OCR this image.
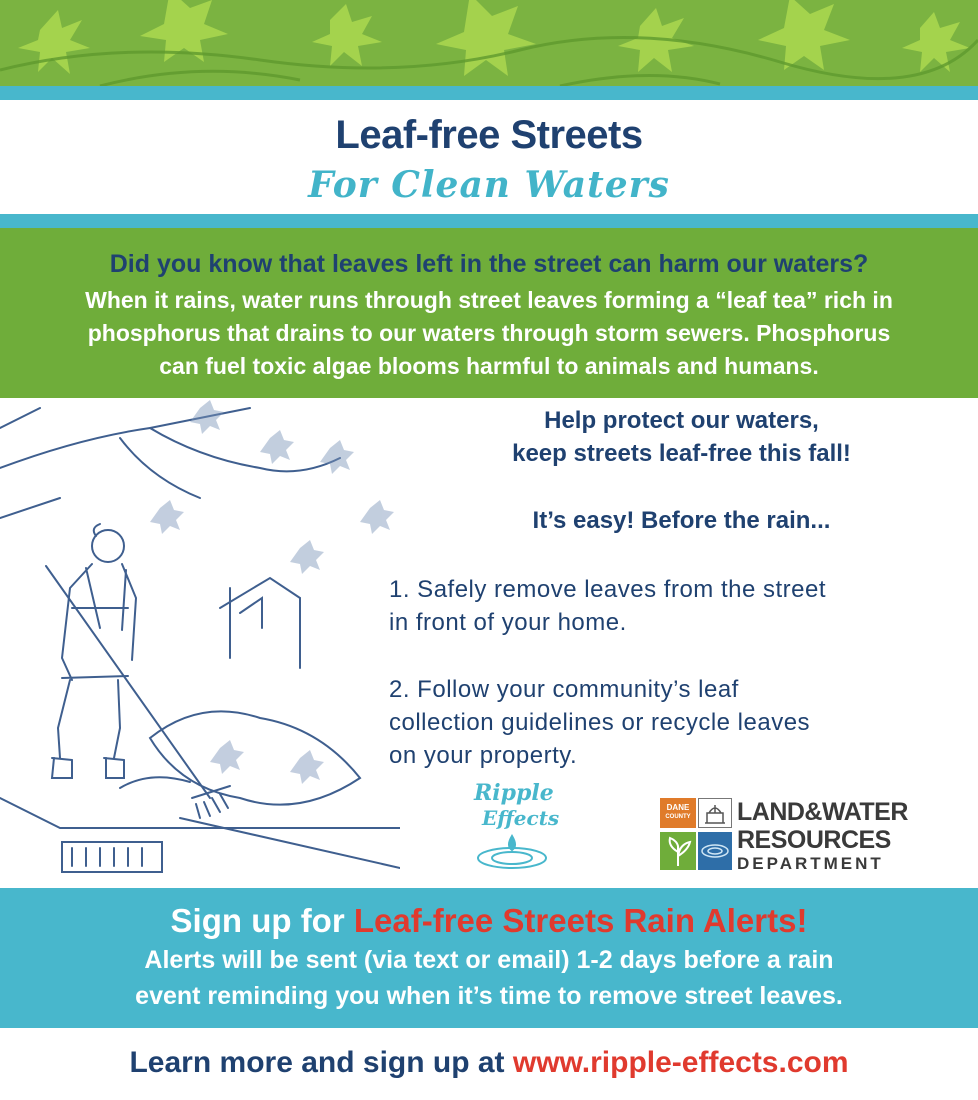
Leaf-free Streets
For Clean Waters
Did you know that leaves left in the street can harm our waters?
When it rains, water runs through street leaves forming a “leaf tea” rich in
phosphorus that drains to our waters through storm sewers. Phosphorus
can fuel toxic algae blooms harmful to animals and humans.
Help protect our waters,
keep streets leaf-free this fall!
It’s easy! Before the rain...
1. Safely remove leaves from the street
in front of your home.
2. Follow your community’s leaf
collection guidelines or recycle leaves
on your property.
Ripple
Effects	DANE
COUNTY LAND&WATER
RESOURCES
DEPARTMENT
Sign up for Leaf-free Streets Rain Alerts!
Alerts will be sent (via text or email) 1-2 days before a rain
event reminding you when it’s time to remove street leaves.
Learn more and sign up at www.ripple-effects.com
